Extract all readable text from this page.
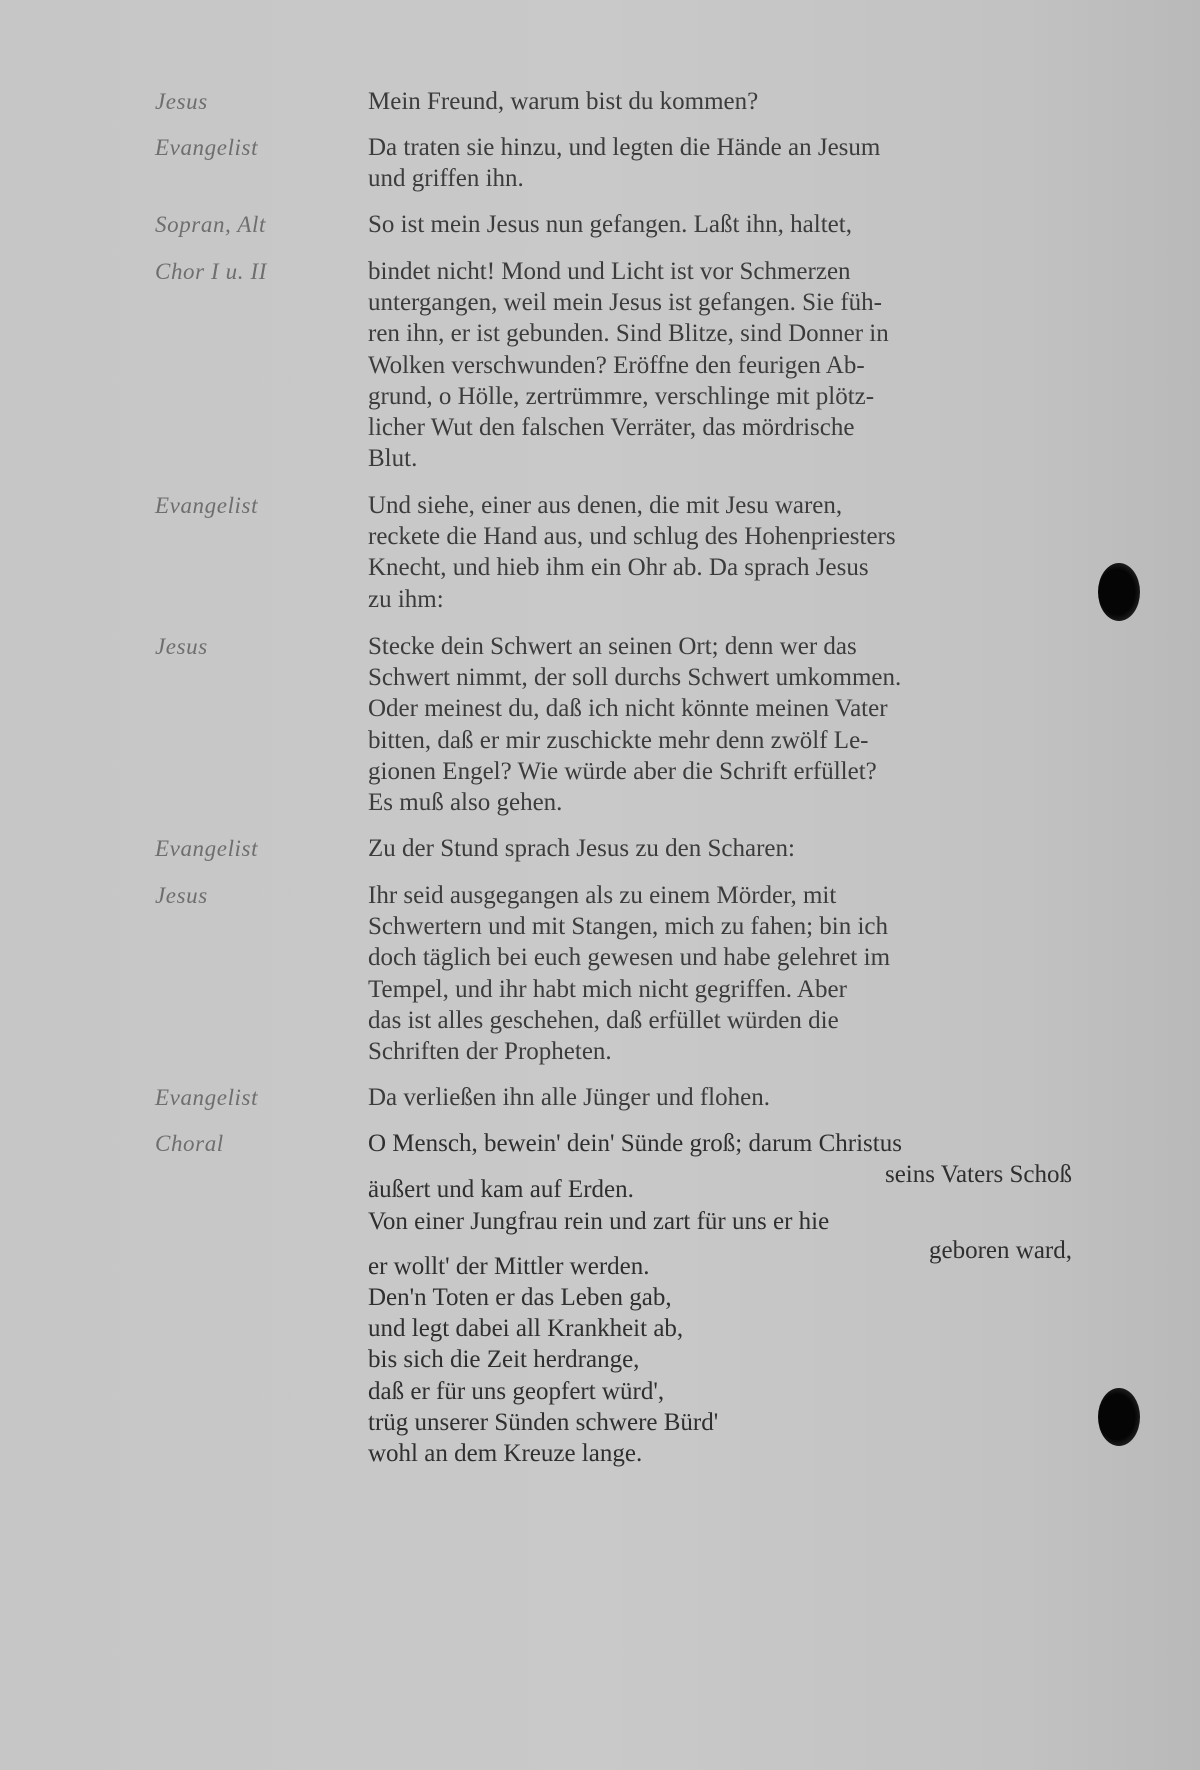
Jesus	Mein Freund, warum bist du kommen?
Evangelist	Da traten sie hinzu, und legten die Hände an Jesum
und griffen ihn.
Sopran, Alt	So ist mein Jesus nun gefangen. Laßt ihn, haltet,
Chor I u. II	bindet nicht! Mond und Licht ist vor Schmerzen
untergangen, weil mein Jesus ist gefangen. Sie füh-
ren ihn, er ist gebunden. Sind Blitze, sind Donner in
Wolken verschwunden? Eröffne den feurigen Ab-
grund, o Hölle, zertrümmre, verschlinge mit plötz-
licher Wut den falschen Verräter, das mördrische
Blut.
Evangelist	Und siehe, einer aus denen, die mit Jesu waren,
reckete die Hand aus, und schlug des Hohenpriesters
Knecht, und hieb ihm ein Ohr ab. Da sprach Jesus
zu ihm:
Jesus	Stecke dein Schwert an seinen Ort; denn wer das
Schwert nimmt, der soll durchs Schwert umkommen.
Oder meinest du, daß ich nicht könnte meinen Vater
bitten, daß er mir zuschickte mehr denn zwölf Le-
gionen Engel? Wie würde aber die Schrift erfüllet?
Es muß also gehen.
Evangelist	Zu der Stund sprach Jesus zu den Scharen:
Jesus	Ihr seid ausgegangen als zu einem Mörder, mit
Schwertern und mit Stangen, mich zu fahen; bin ich
doch täglich bei euch gewesen und habe gelehret im
Tempel, und ihr habt mich nicht gegriffen. Aber
das ist alles geschehen, daß erfüllet würden die
Schriften der Propheten.
Evangelist	Da verließen ihn alle Jünger und flohen.
Choral	O Mensch, bewein' dein' Sünde groß; darum Christus
seins Vaters Schoß
äußert und kam auf Erden.
Von einer Jungfrau rein und zart für uns er hie
geboren ward,
er wollt' der Mittler werden.
Den'n Toten er das Leben gab,
und legt dabei all Krankheit ab,
bis sich die Zeit herdrange,
daß er für uns geopfert würd',
trüg unserer Sünden schwere Bürd'
wohl an dem Kreuze lange.
